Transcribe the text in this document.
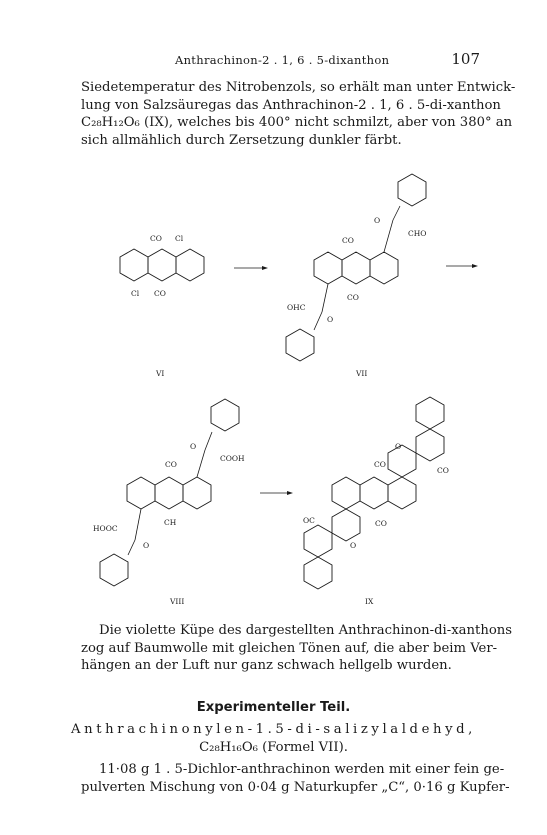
Anthrachinon-2 . 1, 6 . 5-dixanthon	107

Siedetemperatur des Nitrobenzols, so erhält man unter Entwick-
lung von Salzsäuregas das Anthrachinon-2 . 1, 6 . 5-di-xanthon
C₂₈H₁₂O₆ (IX), welches bis 400° nicht schmilzt, aber von 380° an
sich allmählich durch Zersetzung dunkler färbt.

CO Cl
Cl CO
VI
O
CHO
CO
OHC
CO
O
VII
O
COOH
CO
HOOC
CH
O
VIII
O
CO
CO
OC	CO
O
IX

Die violette Küpe des dargestellten Anthrachinon-di-xanthons
zog auf Baumwolle mit gleichen Tönen auf, die aber beim Ver-
hängen an der Luft nur ganz schwach hellgelb wurden.

Experimenteller Teil.
Anthrachinonylen-1.5-di-salizylaldehyd,
C₂₈H₁₆O₆ (Formel VII).

11·08 g 1 . 5-Dichlor-anthrachinon werden mit einer fein ge-
pulverten Mischung von 0·04 g Naturkupfer „C“, 0·16 g Kupfer-
